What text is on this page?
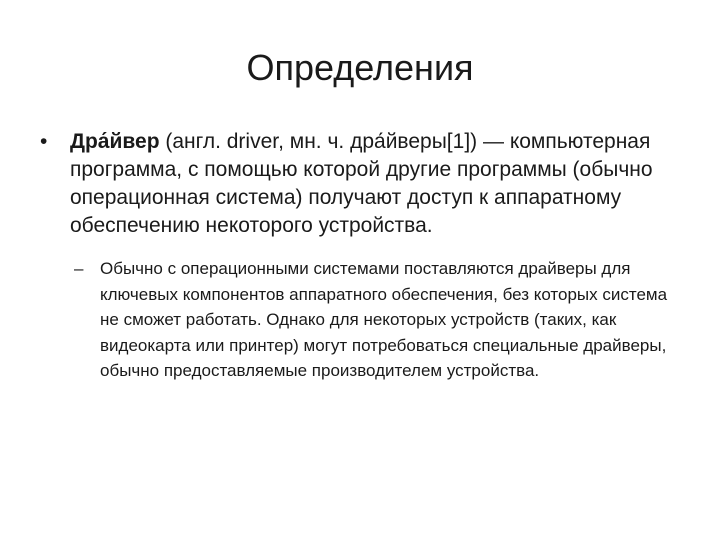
Определения

•	Дра́йвер (англ. driver, мн. ч. дра́йверы[1]) — компьютерная программа, с помощью которой другие программы (обычно операционная система) получают доступ к аппаратному обеспечению некоторого устройства.

– Обычно с операционными системами поставляются драйверы для ключевых компонентов аппаратного обеспечения, без которых система не сможет работать. Однако для некоторых устройств (таких, как видеокарта или принтер) могут потребоваться специальные драйверы, обычно предоставляемые производителем устройства.
